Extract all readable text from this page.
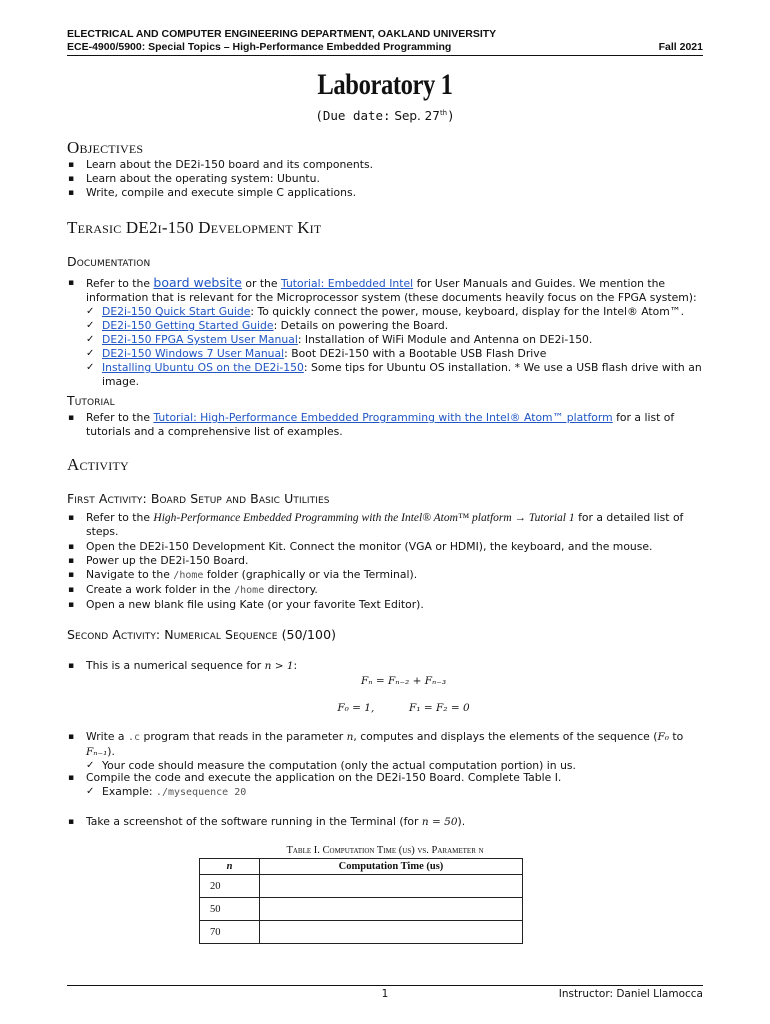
ELECTRICAL AND COMPUTER ENGINEERING DEPARTMENT, OAKLAND UNIVERSITY
ECE-4900/5900: Special Topics – High-Performance Embedded Programming	Fall 2021
Laboratory 1
(Due date: Sep. 27th)
Objectives
▪ Learn about the DE2i-150 board and its components.
▪ Learn about the operating system: Ubuntu.
▪ Write, compile and execute simple C applications.
Terasic DE2i-150 Development Kit
Documentation
▪ Refer to the board website or the Tutorial: Embedded Intel for User Manuals and Guides. We mention the information that is relevant for the Microprocessor system (these documents heavily focus on the FPGA system):
✓ DE2i-150 Quick Start Guide: To quickly connect the power, mouse, keyboard, display for the Intel® Atom™.
✓ DE2i-150 Getting Started Guide: Details on powering the Board.
✓ DE2i-150 FPGA System User Manual: Installation of WiFi Module and Antenna on DE2i-150.
✓ DE2i-150 Windows 7 User Manual: Boot DE2i-150 with a Bootable USB Flash Drive
✓ Installing Ubuntu OS on the DE2i-150: Some tips for Ubuntu OS installation. * We use a USB flash drive with an image.
Tutorial
▪ Refer to the Tutorial: High-Performance Embedded Programming with the Intel® Atom™ platform for a list of tutorials and a comprehensive list of examples.
Activity
First Activity: Board Setup and Basic Utilities
▪ Refer to the High-Performance Embedded Programming with the Intel® Atom™ platform → Tutorial 1 for a detailed list of steps.
▪ Open the DE2i-150 Development Kit. Connect the monitor (VGA or HDMI), the keyboard, and the mouse.
▪ Power up the DE2i-150 Board.
▪ Navigate to the /home folder (graphically or via the Terminal).
▪ Create a work folder in the /home directory.
▪ Open a new blank file using Kate (or your favorite Text Editor).
Second Activity: Numerical Sequence (50/100)
▪ This is a numerical sequence for n > 1:
Fₙ = Fₙ₋₂ + Fₙ₋₃
F₀ = 1,	F₁ = F₂ = 0
▪ Write a .c program that reads in the parameter n, computes and displays the elements of the sequence (F₀ to Fₙ₋₁).
✓ Your code should measure the computation (only the actual computation portion) in us.
▪ Compile the code and execute the application on the DE2i-150 Board. Complete Table I.
✓ Example: ./mysequence 20
▪ Take a screenshot of the software running in the Terminal (for n = 50).
Table I. Computation Time (us) vs. Parameter n
n	Computation Time (us)
20	
50	
70	
1	Instructor: Daniel Llamocca
